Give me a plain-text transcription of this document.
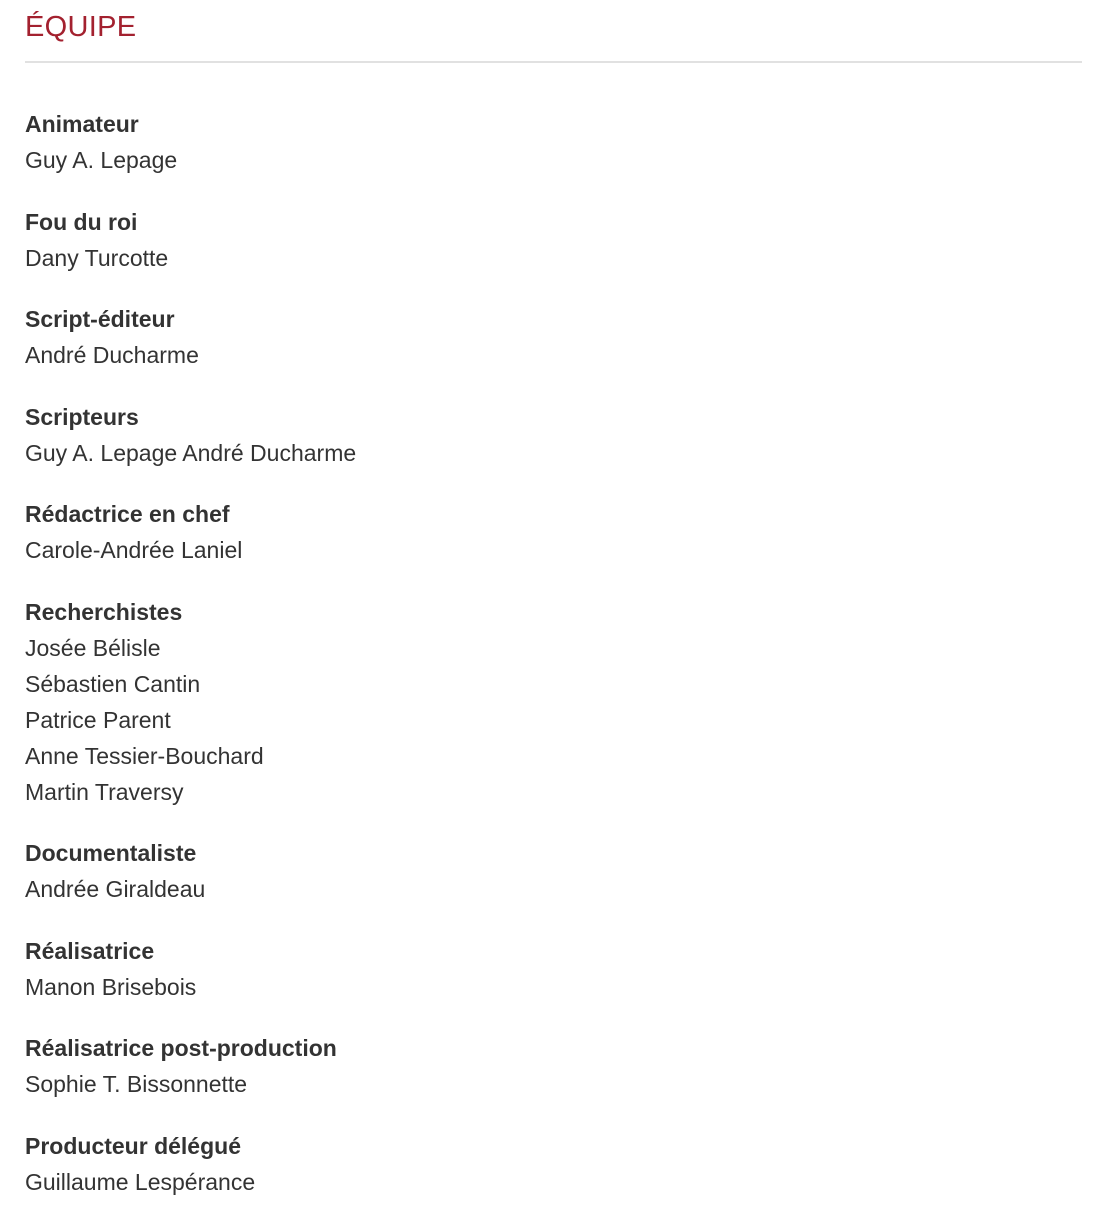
ÉQUIPE
Animateur
Guy A. Lepage
Fou du roi
Dany Turcotte
Script-éditeur
André Ducharme
Scripteurs
Guy A. Lepage André Ducharme
Rédactrice en chef
Carole-Andrée Laniel
Recherchistes
Josée Bélisle
Sébastien Cantin
Patrice Parent
Anne Tessier-Bouchard
Martin Traversy
Documentaliste
Andrée Giraldeau
Réalisatrice
Manon Brisebois
Réalisatrice post-production
Sophie T. Bissonnette
Producteur délégué
Guillaume Lespérance
